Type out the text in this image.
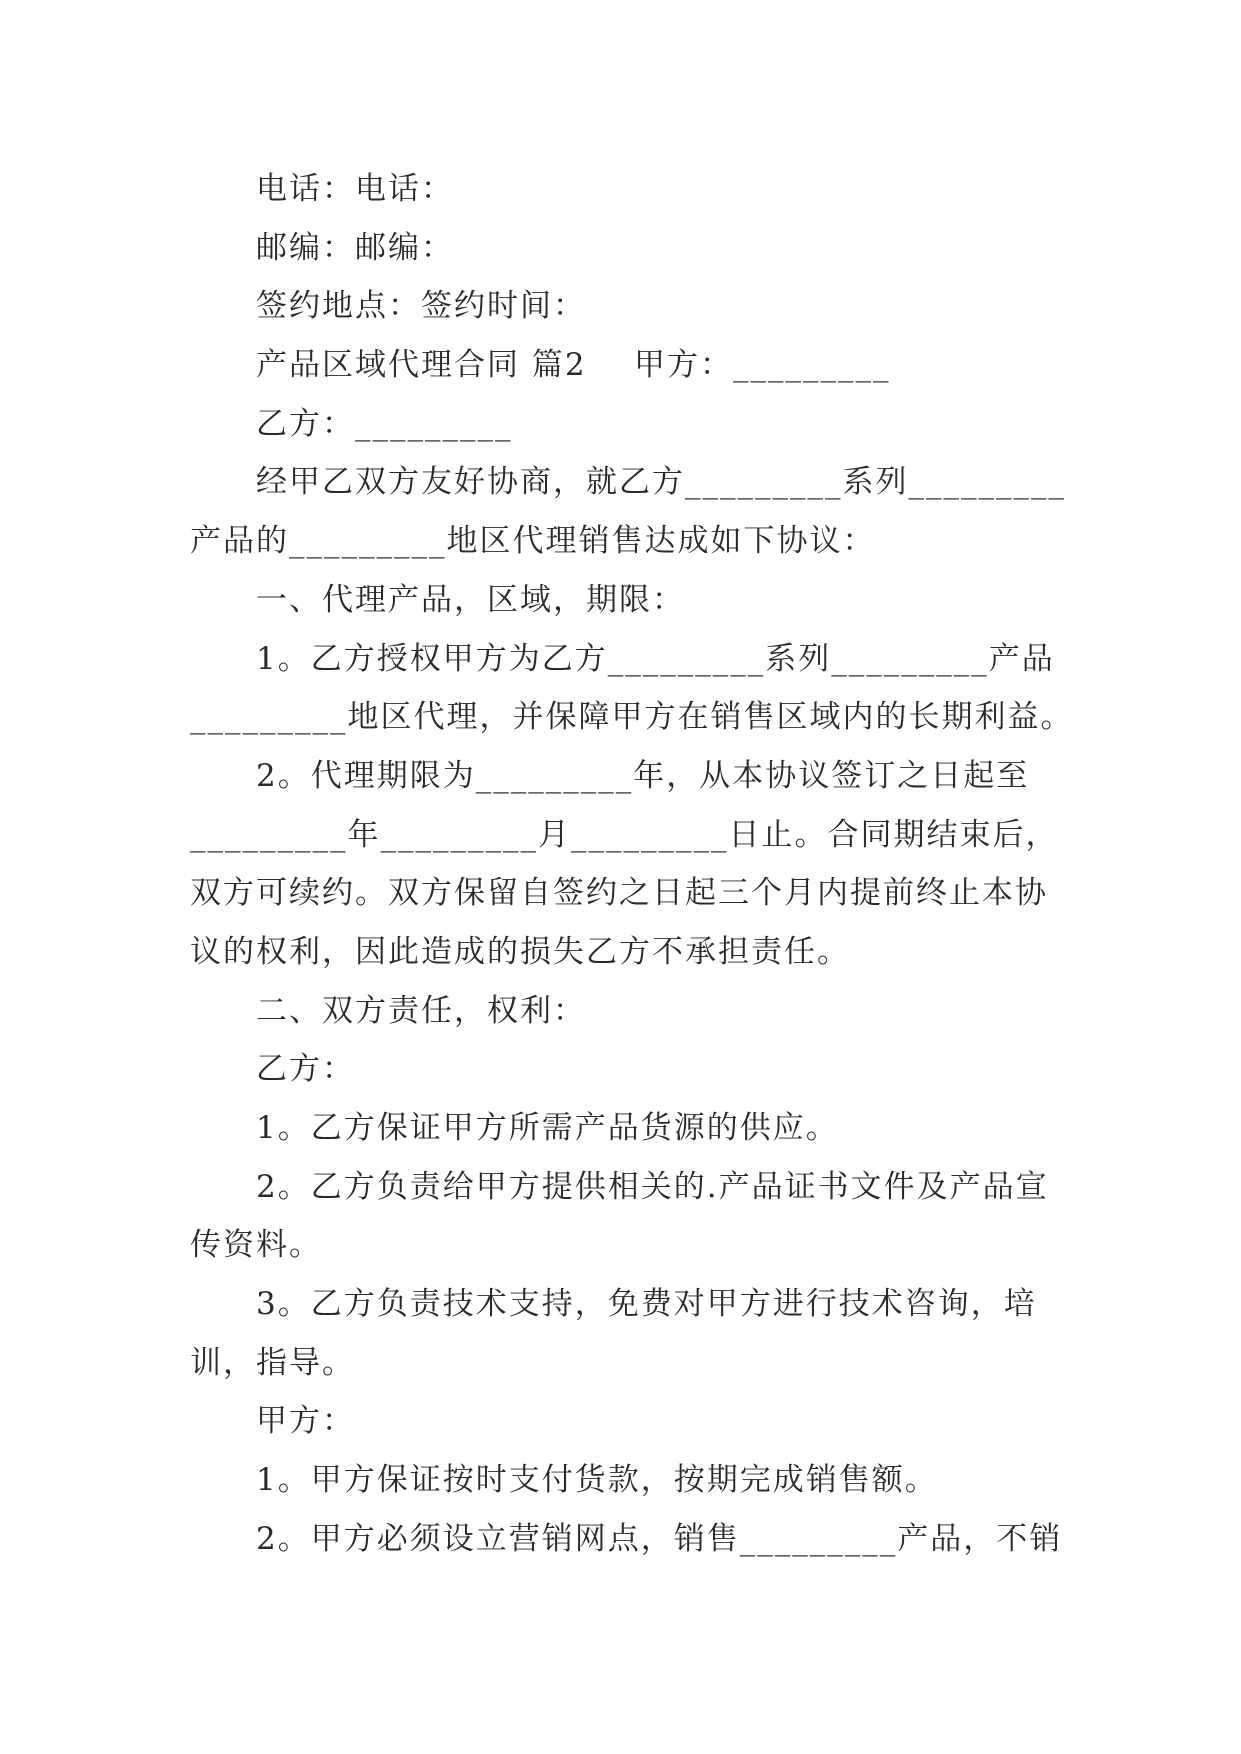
电话：电话：
邮编：邮编：
签约地点：签约时间：
产品区域代理合同 篇2    甲方：_________
乙方：_________
经甲乙双方友好协商，就乙方_________系列_________
产品的_________地区代理销售达成如下协议：
一、代理产品，区域，期限：
1。乙方授权甲方为乙方_________系列_________产品
_________地区代理，并保障甲方在销售区域内的长期利益。
2。代理期限为_________年，从本协议签订之日起至
_________年_________月_________日止。合同期结束后，
双方可续约。双方保留自签约之日起三个月内提前终止本协
议的权利，因此造成的损失乙方不承担责任。
二、双方责任，权利：
乙方：
1。乙方保证甲方所需产品货源的供应。
2。乙方负责给甲方提供相关的.产品证书文件及产品宣
传资料。
3。乙方负责技术支持，免费对甲方进行技术咨询，培
训，指导。
甲方：
1。甲方保证按时支付货款，按期完成销售额。
2。甲方必须设立营销网点，销售_________产品，不销
